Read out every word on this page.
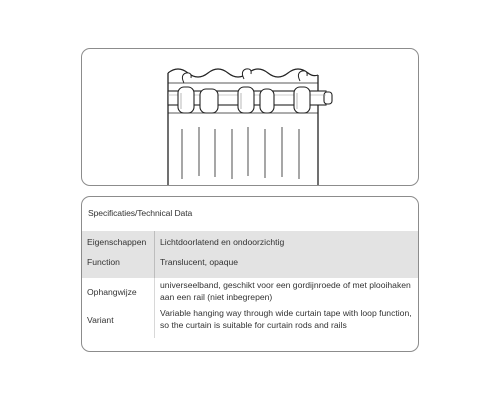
Specificaties/Technical Data
Eigenschappen Lichtdoorlatend en ondoorzichtig
Function	Translucent, opaque
Ophangwijze
universeelband, geschikt voor een gordijnroede of met plooihaken aan een rail (niet inbegrepen)
Variant
Variable hanging way through wide curtain tape with loop function, so the curtain is suitable for curtain rods and rails
